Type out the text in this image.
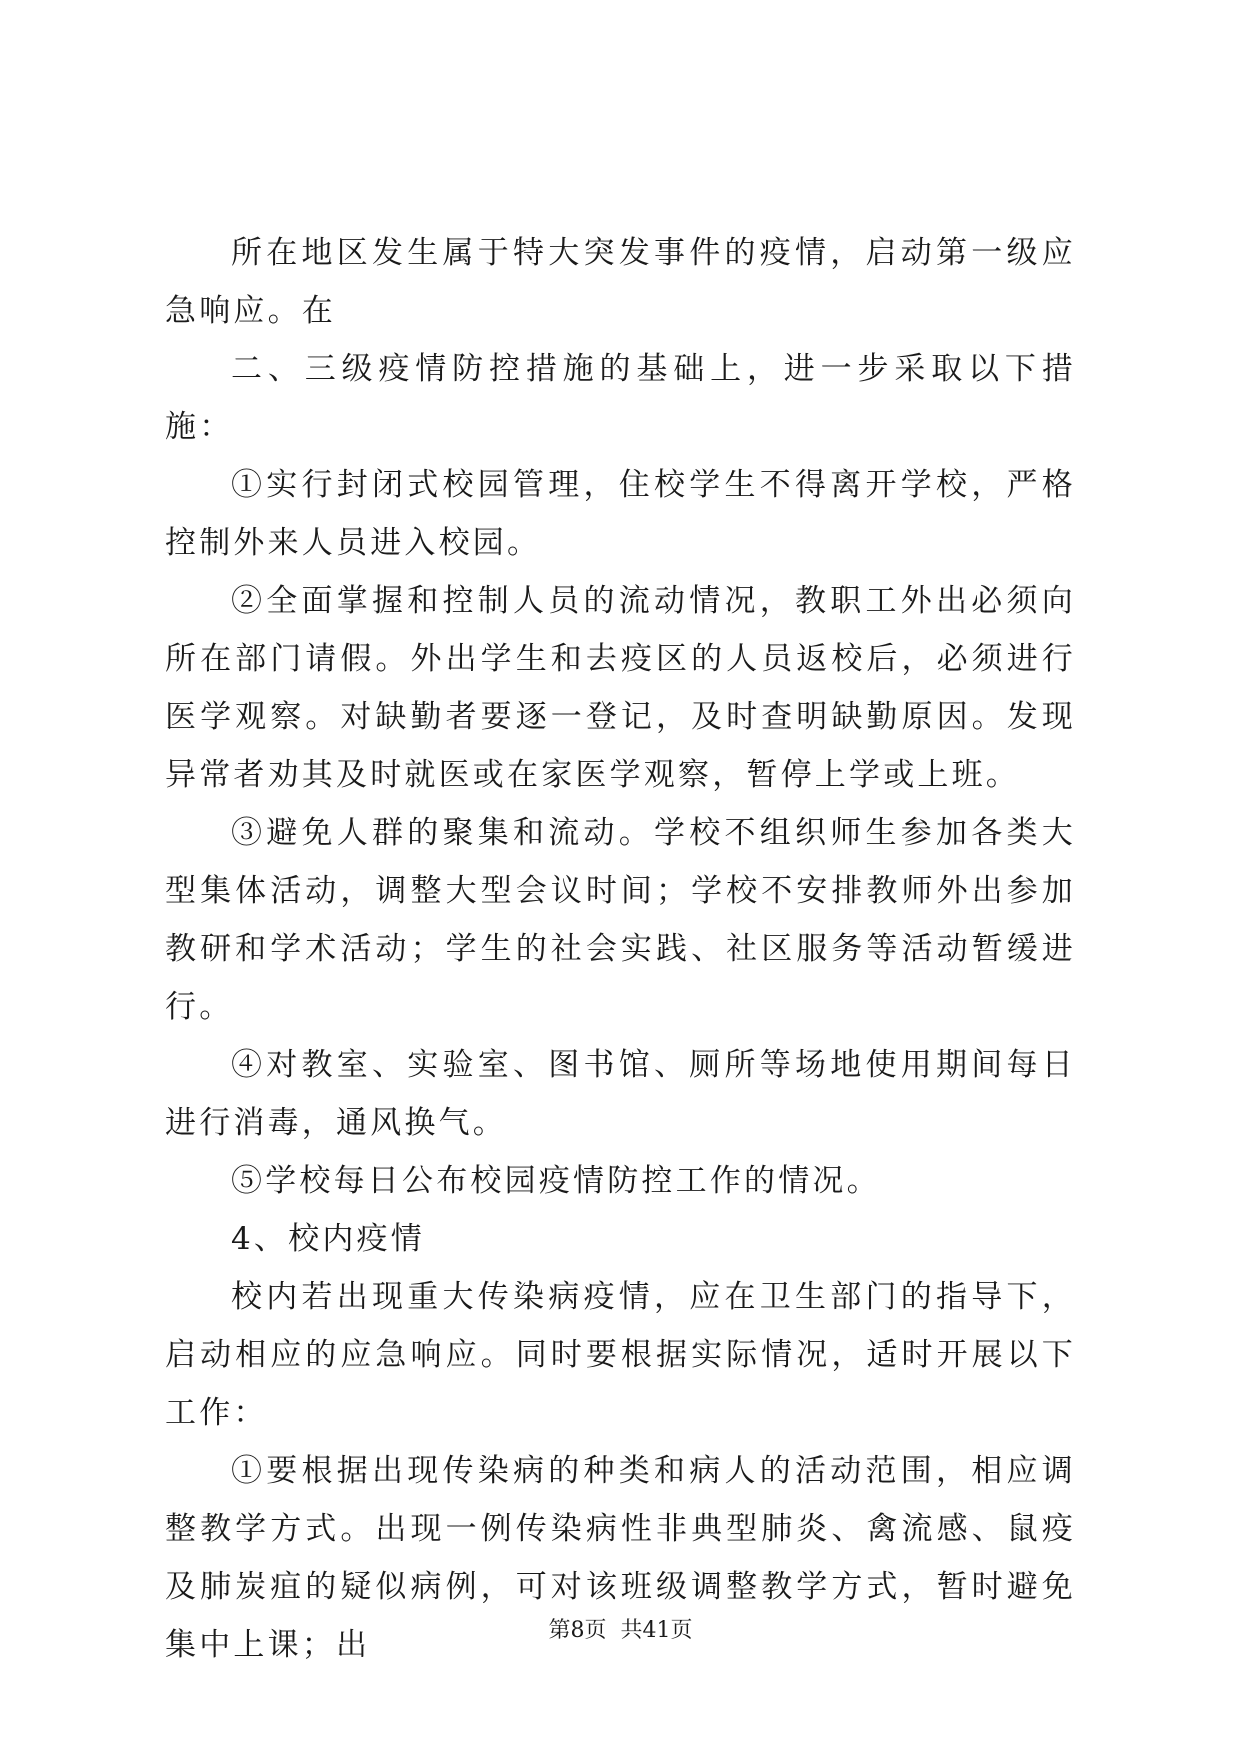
所在地区发生属于特大突发事件的疫情，启动第一级应急响应。在

二、三级疫情防控措施的基础上，进一步采取以下措施：

①实行封闭式校园管理，住校学生不得离开学校，严格控制外来人员进入校园。

②全面掌握和控制人员的流动情况，教职工外出必须向所在部门请假。外出学生和去疫区的人员返校后，必须进行医学观察。对缺勤者要逐一登记，及时查明缺勤原因。发现异常者劝其及时就医或在家医学观察，暂停上学或上班。

③避免人群的聚集和流动。学校不组织师生参加各类大型集体活动，调整大型会议时间；学校不安排教师外出参加教研和学术活动；学生的社会实践、社区服务等活动暂缓进行。

④对教室、实验室、图书馆、厕所等场地使用期间每日进行消毒，通风换气。

⑤学校每日公布校园疫情防控工作的情况。

4、校内疫情

校内若出现重大传染病疫情，应在卫生部门的指导下，启动相应的应急响应。同时要根据实际情况，适时开展以下工作：

①要根据出现传染病的种类和病人的活动范围，相应调整教学方式。出现一例传染病性非典型肺炎、禽流感、鼠疫及肺炭疽的疑似病例，可对该班级调整教学方式，暂时避免集中上课；出	第8页 共41页
